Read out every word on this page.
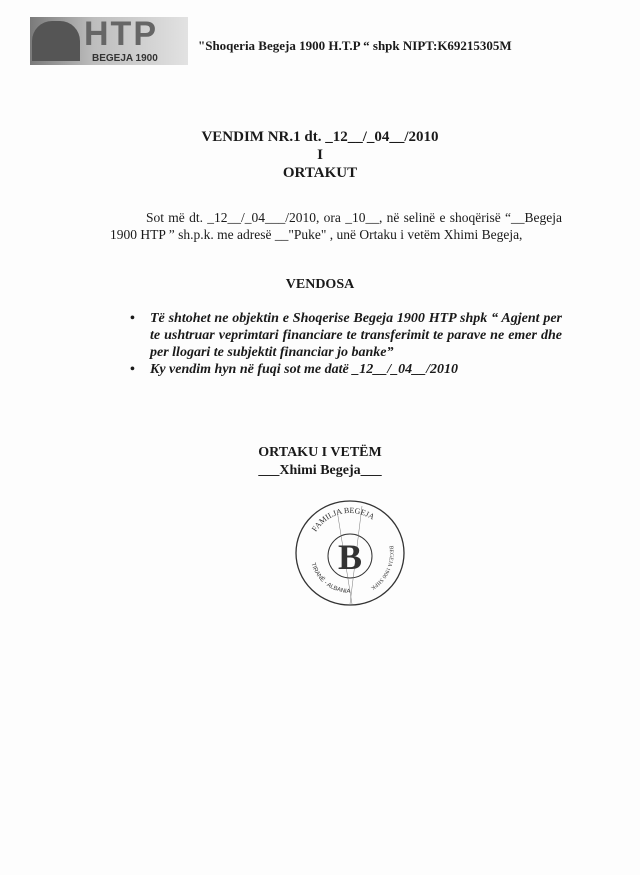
HTP
BEGEJA 1900
"Shoqeria Begeja 1900 H.T.P “ shpk NIPT:K69215305M
VENDIM NR.1 dt. _12__/_04__/2010
I
ORTAKUT
Sot më dt. _12__/_04___/2010, ora _10__, në selinë e shoqërisë “__Begeja 1900 HTP ” sh.p.k. me adresë __"Puke" , unë Ortaku i vetëm Xhimi Begeja,
VENDOSA
• Të shtohet ne objektin e Shoqerise Begeja 1900 HTP shpk “ Agjent per te ushtruar veprimtari financiare te transferimit te parave ne emer dhe per llogari te subjektit financiar jo banke”
• Ky vendim hyn në fuqi sot me datë _12__/_04__/2010
ORTAKU I VETËM
___Xhimi Begeja___
B
FAMILJA BEGEJA
BEGEJA 1900 SHPK
TIRANË - ALBANIA
